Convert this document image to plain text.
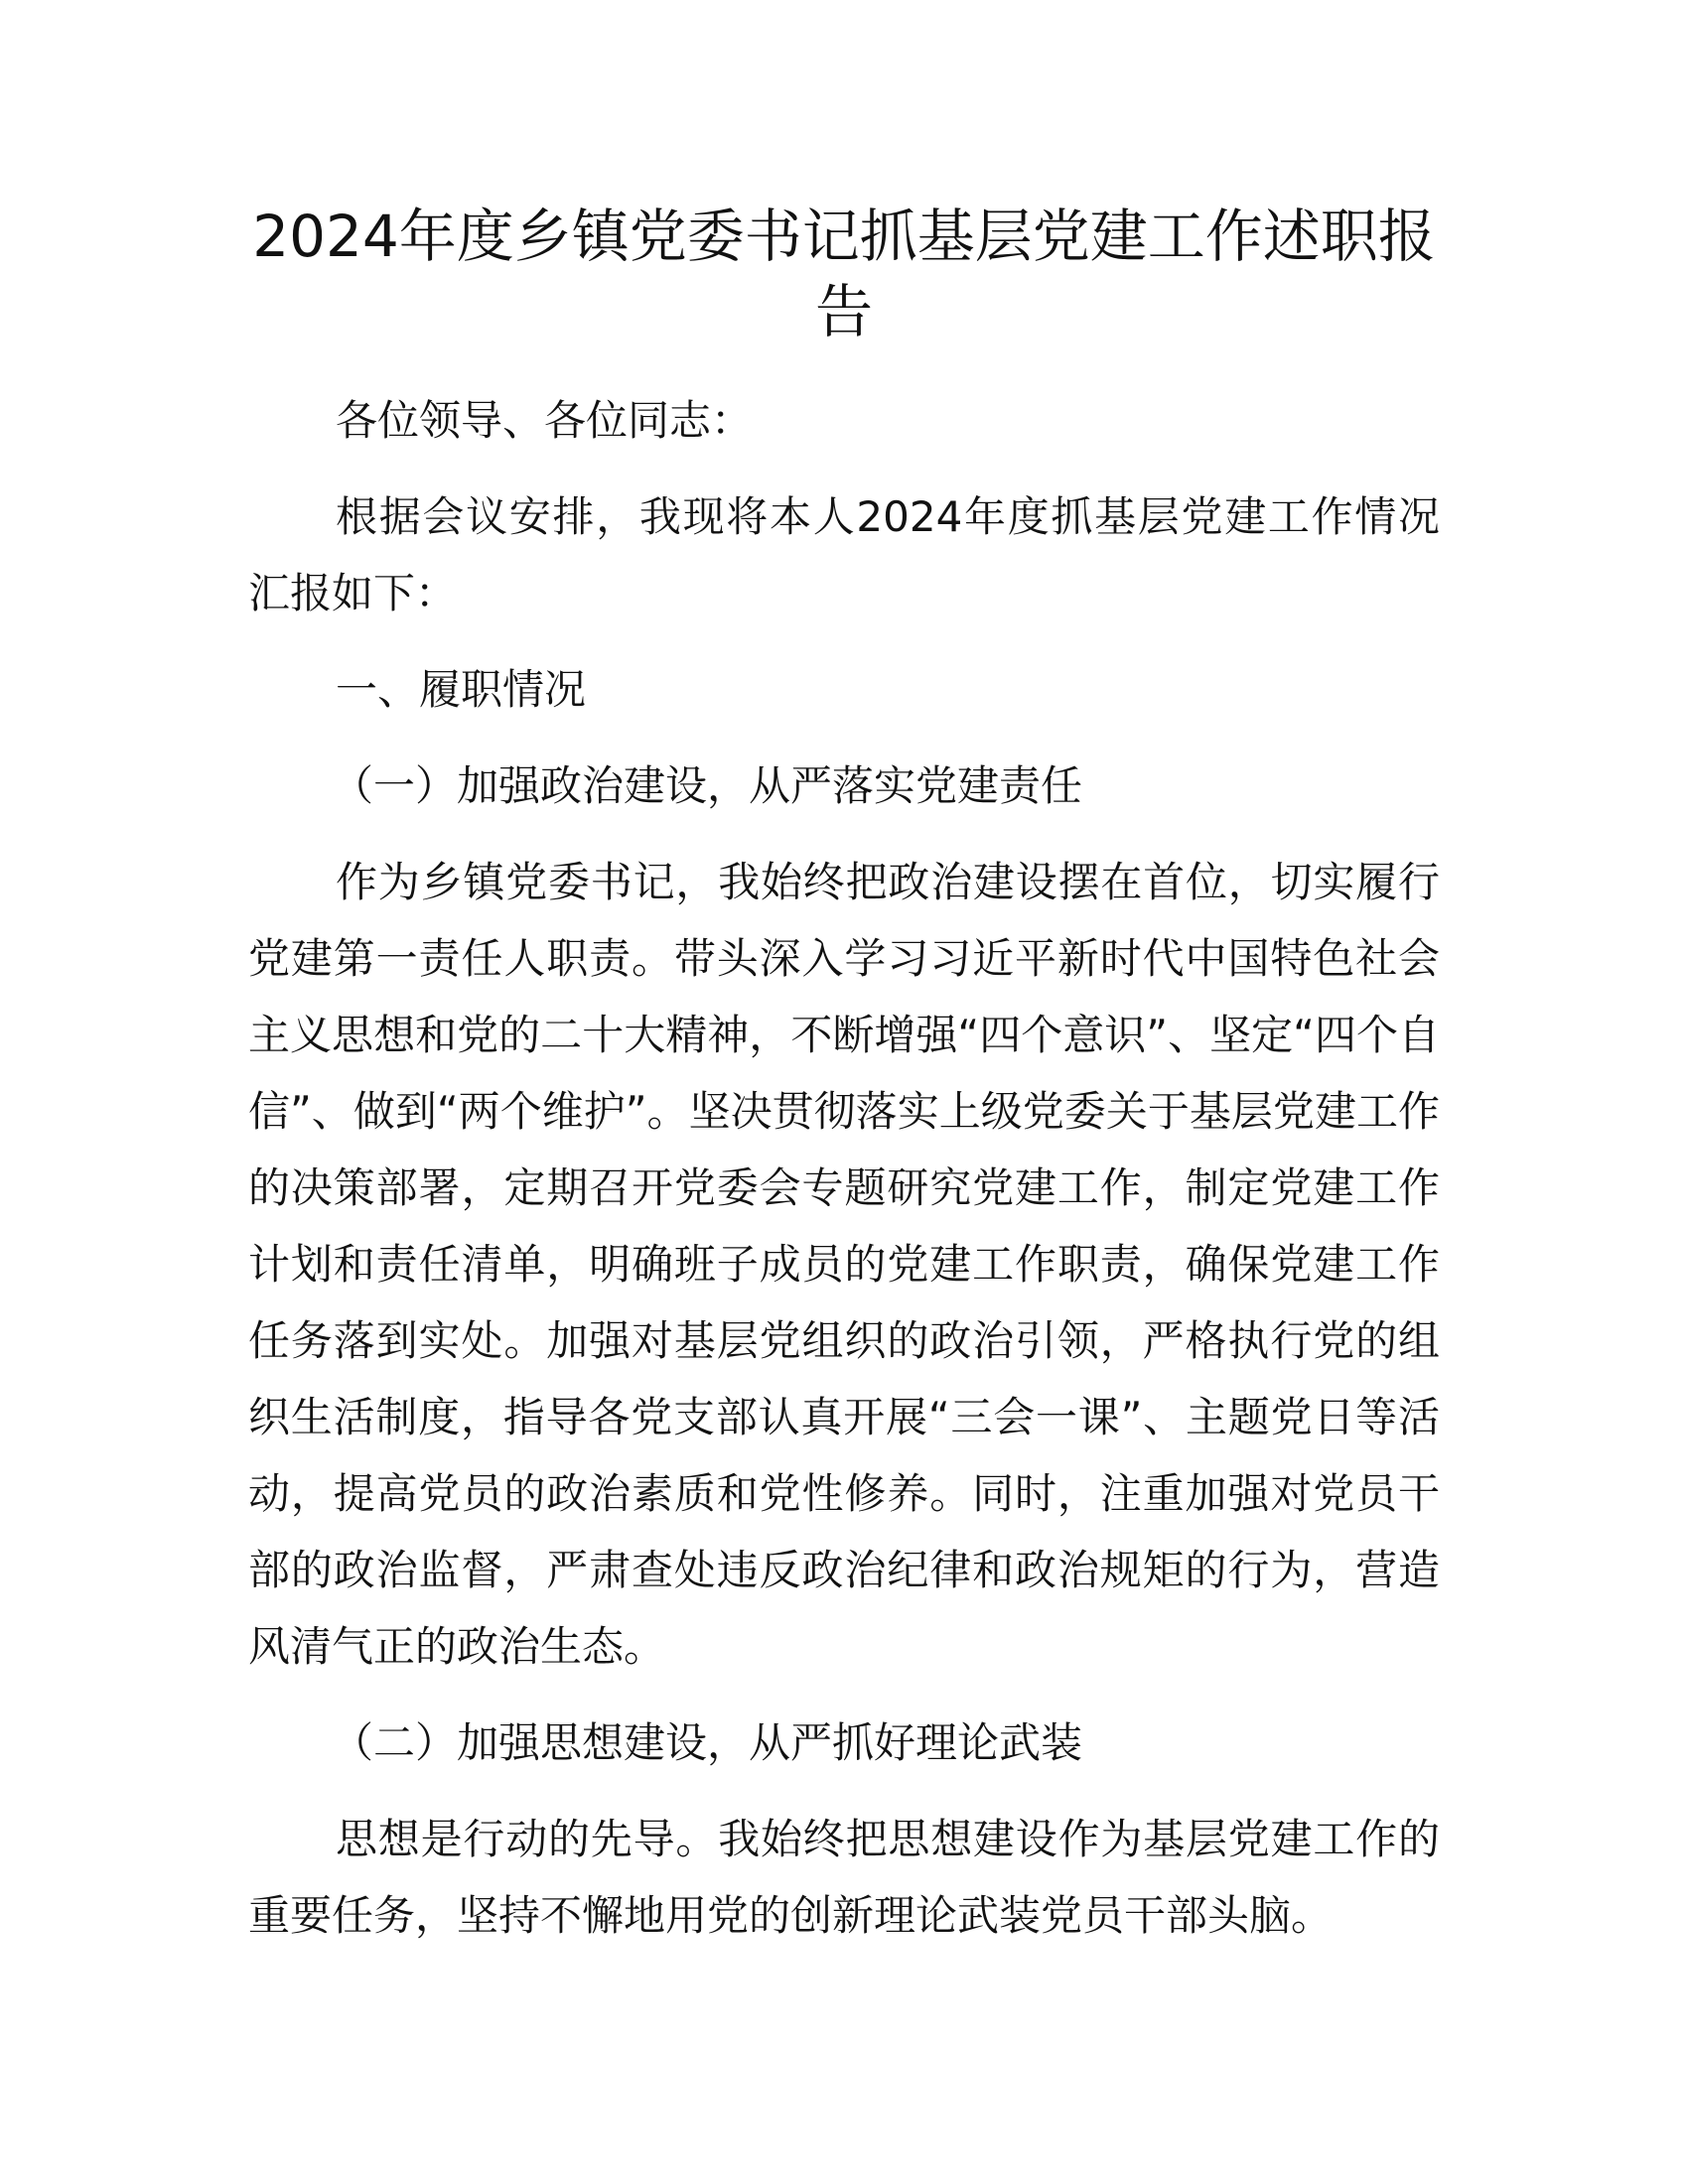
2024年度乡镇党委书记抓基层党建工作述职报告

各位领导、各位同志：

根据会议安排，我现将本人2024年度抓基层党建工作情况汇报如下：

一、履职情况

（一）加强政治建设，从严落实党建责任

作为乡镇党委书记，我始终把政治建设摆在首位，切实履行党建第一责任人职责。带头深入学习习近平新时代中国特色社会主义思想和党的二十大精神，不断增强“四个意识”、坚定“四个自信”、做到“两个维护”。坚决贯彻落实上级党委关于基层党建工作的决策部署，定期召开党委会专题研究党建工作，制定党建工作计划和责任清单，明确班子成员的党建工作职责，确保党建工作任务落到实处。加强对基层党组织的政治引领，严格执行党的组织生活制度，指导各党支部认真开展“三会一课”、主题党日等活动，提高党员的政治素质和党性修养。同时，注重加强对党员干部的政治监督，严肃查处违反政治纪律和政治规矩的行为，营造风清气正的政治生态。

（二）加强思想建设，从严抓好理论武装

思想是行动的先导。我始终把思想建设作为基层党建工作的重要任务，坚持不懈地用党的创新理论武装党员干部头脑。
